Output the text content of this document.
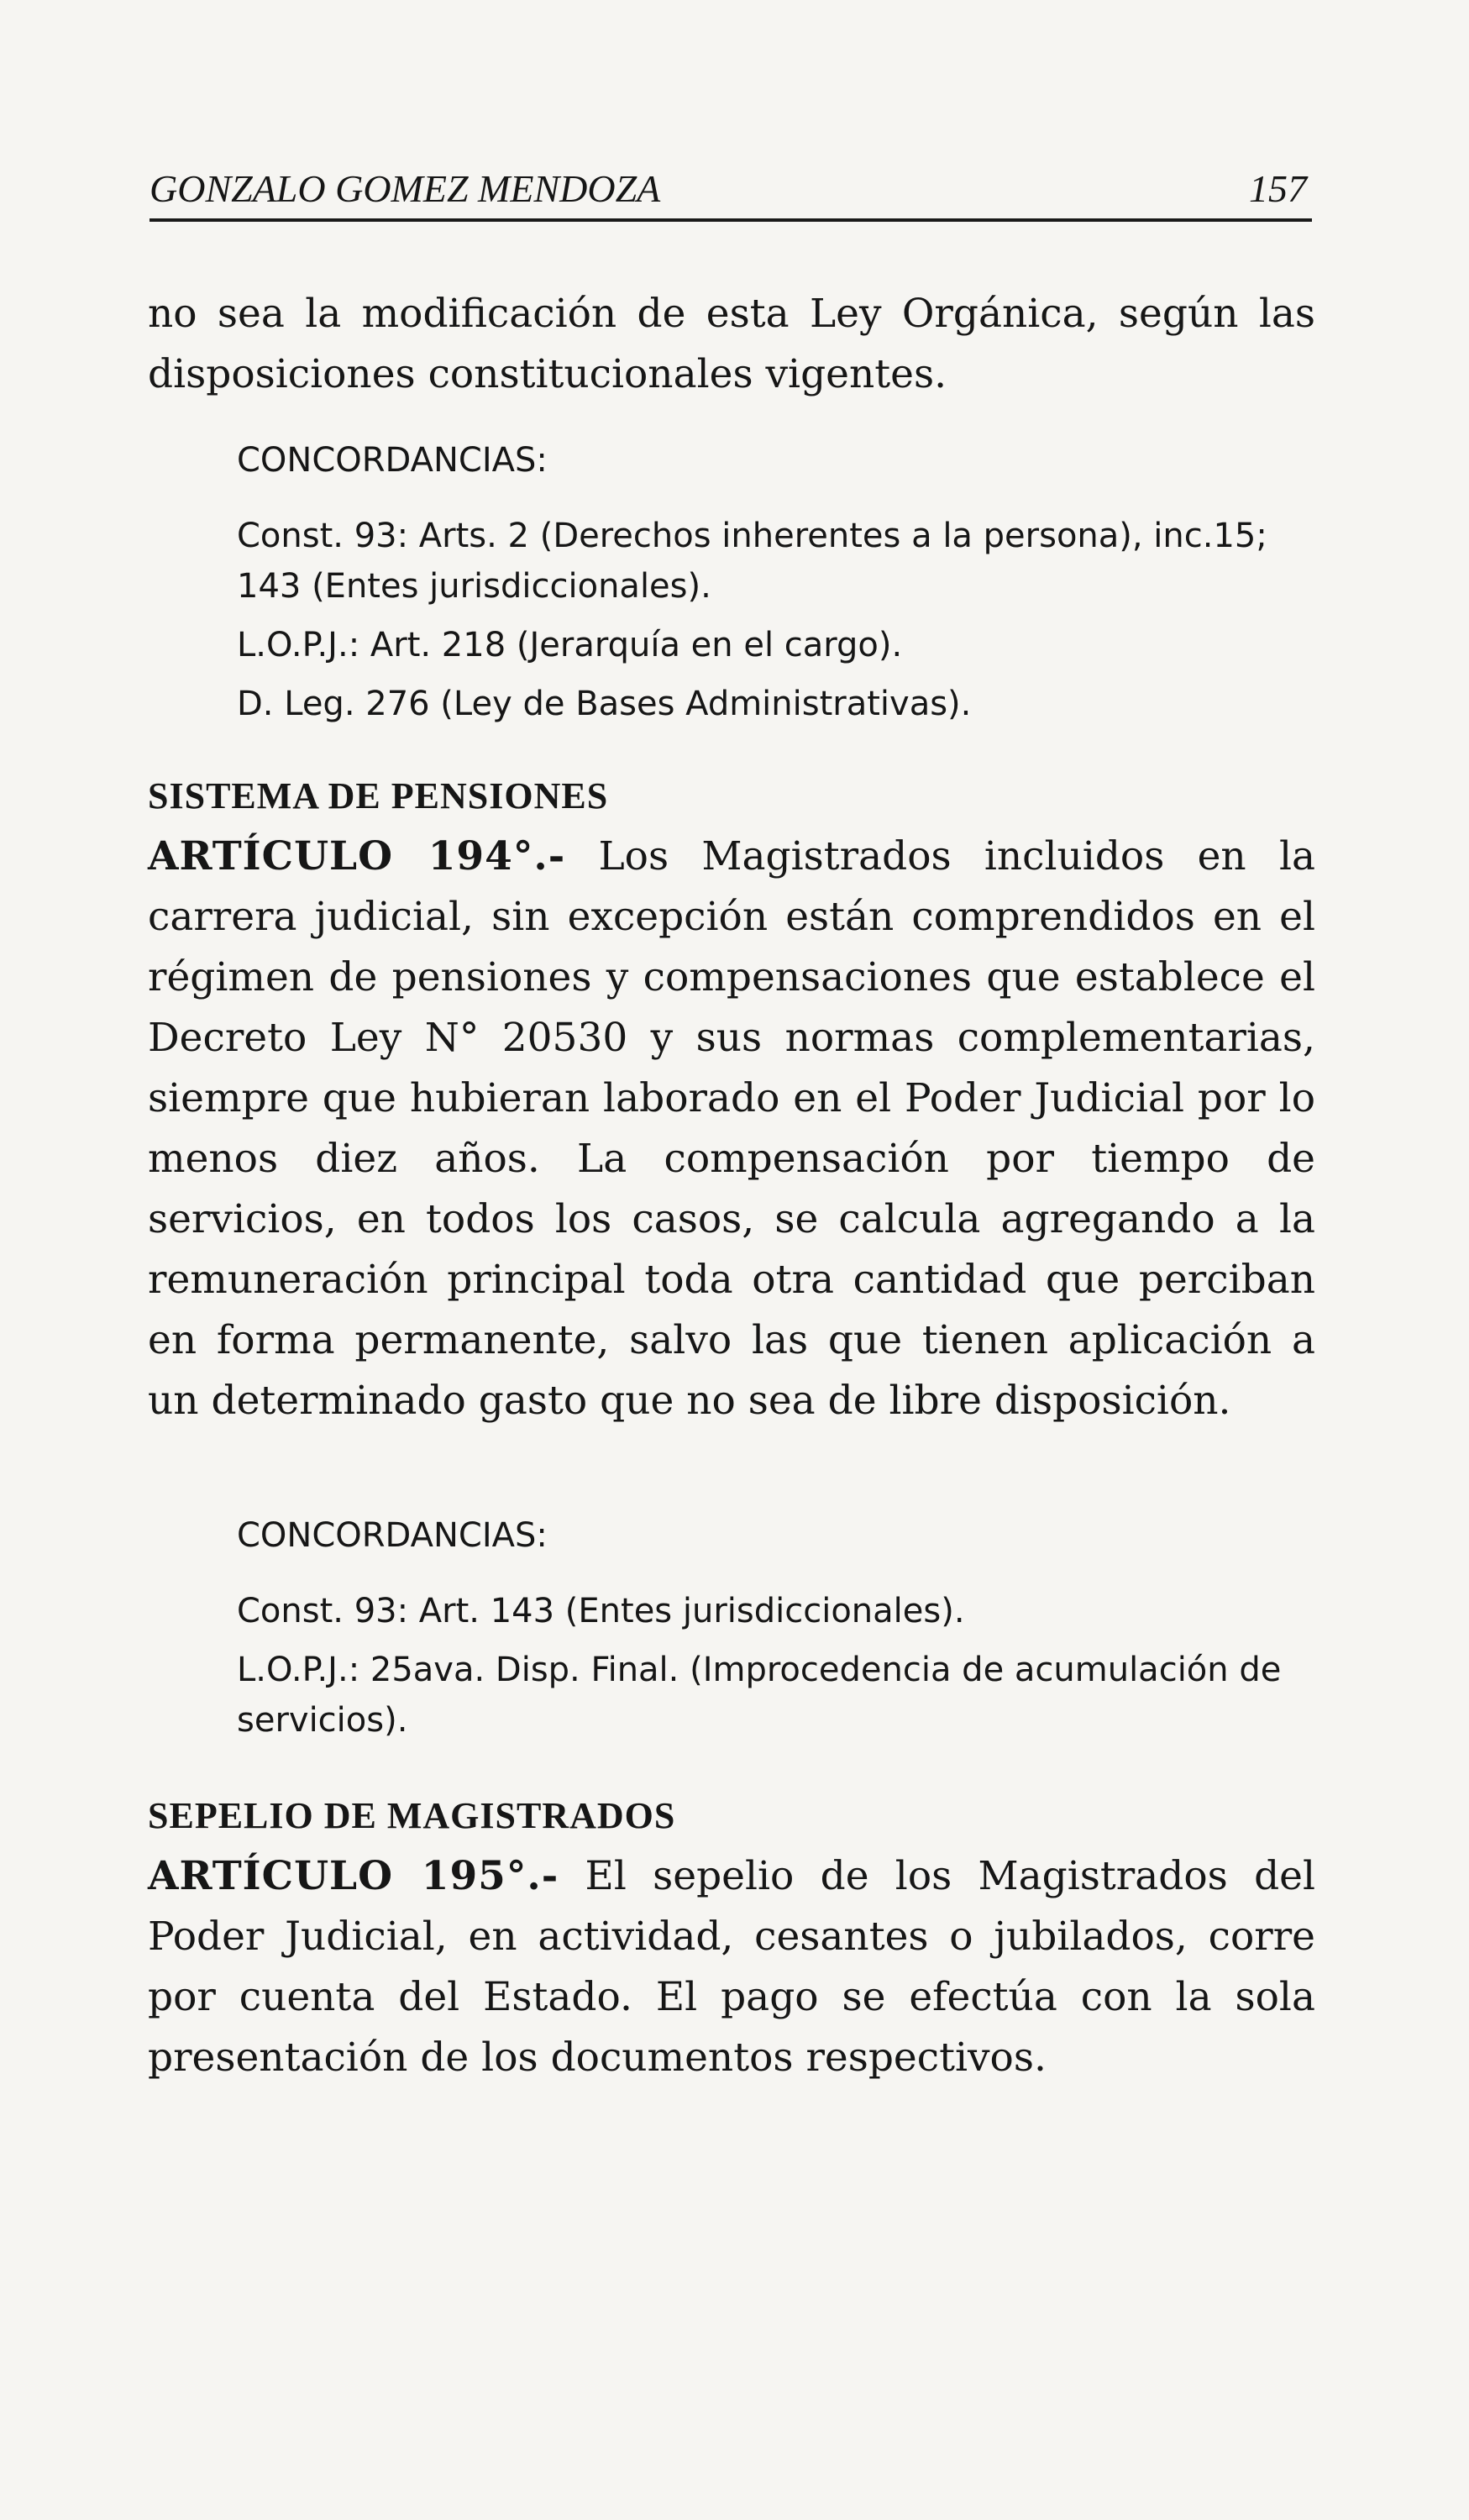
GONZALO GOMEZ MENDOZA	157
no sea la modificación de esta Ley Orgánica, según las disposiciones constitucionales vigentes.

CONCORDANCIAS:

Const. 93: Arts. 2 (Derechos inherentes a la persona), inc.15; 143 (Entes jurisdiccionales).

L.O.P.J.: Art. 218 (Jerarquía en el cargo).

D. Leg. 276 (Ley de Bases Administrativas).

SISTEMA DE PENSIONES
ARTÍCULO 194°.- Los Magistrados incluidos en la carrera judicial, sin excepción están comprendidos en el régimen de pensiones y compensaciones que establece el Decreto Ley N° 20530 y sus normas complementarias, siempre que hubieran laborado en el Poder Judicial por lo menos diez años. La compensación por tiempo de servicios, en todos los casos, se calcula agregando a la remuneración principal toda otra cantidad que perciban en forma permanente, salvo las que tienen aplicación a un determinado gasto que no sea de libre disposición.

CONCORDANCIAS:

Const. 93: Art. 143 (Entes jurisdiccionales).

L.O.P.J.: 25ava. Disp. Final. (Improcedencia de acumulación de servicios).

SEPELIO DE MAGISTRADOS
ARTÍCULO 195°.- El sepelio de los Magistrados del Poder Judicial, en actividad, cesantes o jubilados, corre por cuenta del Estado. El pago se efectúa con la sola presentación de los documentos respectivos.
